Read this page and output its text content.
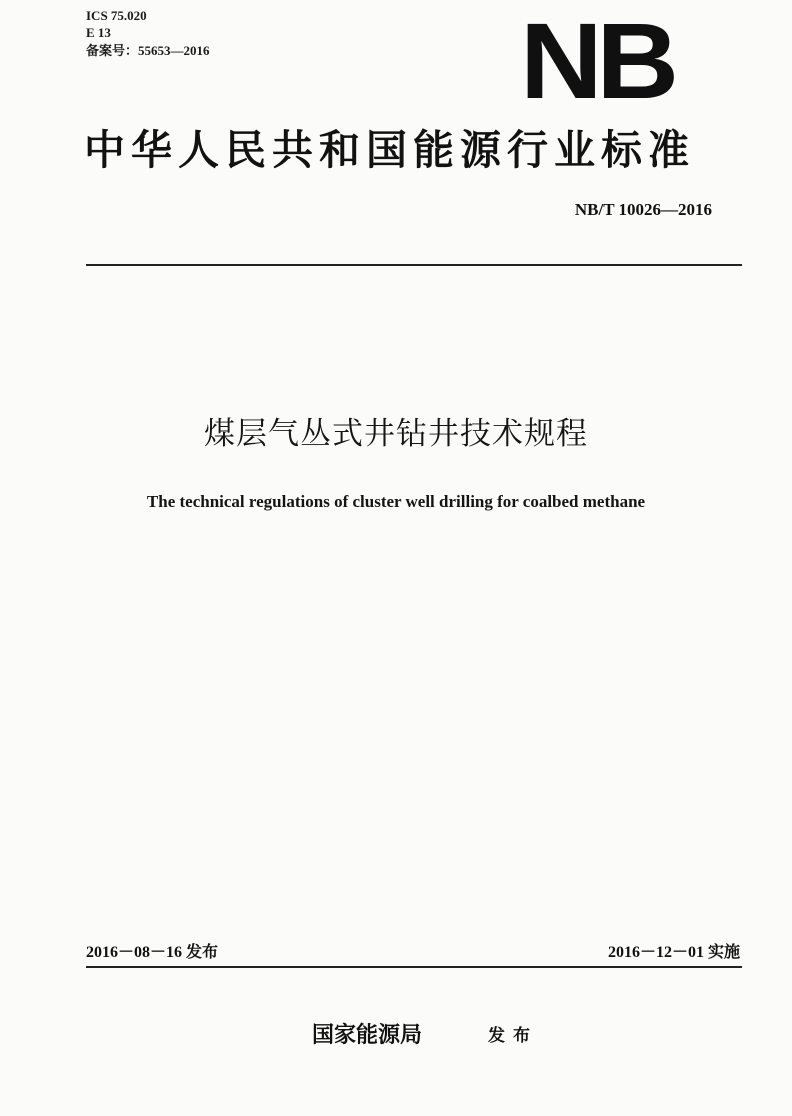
ICS 75.020
E 13
备案号：55653—2016	NB
中华人民共和国能源行业标准
NB/T 10026—2016
煤层气丛式井钻井技术规程
The technical regulations of cluster well drilling for coalbed methane
2016－08－16 发布	2016－12－01 实施
国家能源局	发布
